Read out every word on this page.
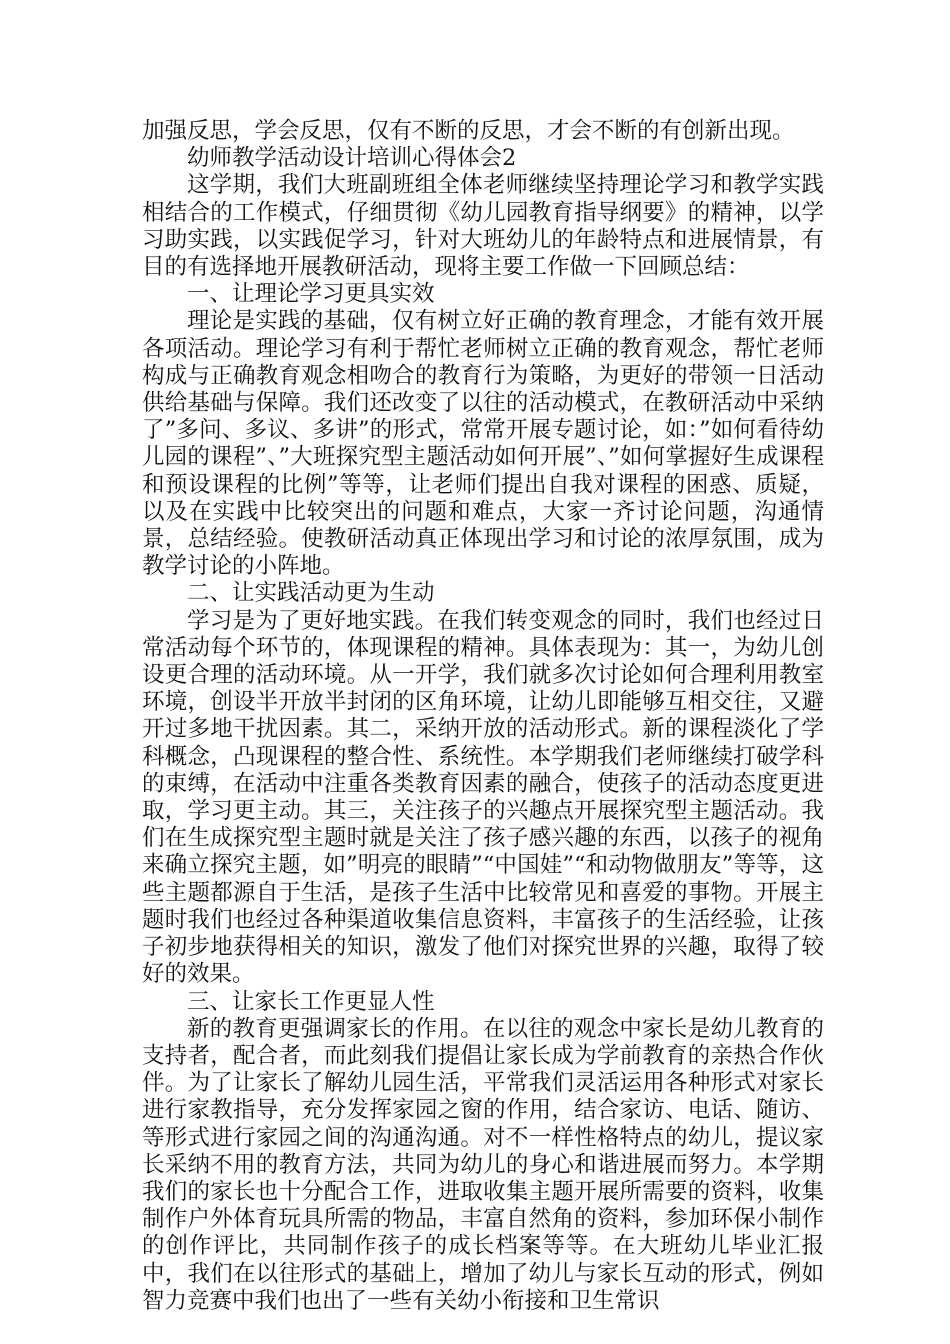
加强反思，学会反思，仅有不断的反思，才会不断的有创新出现。

幼师教学活动设计培训心得体会2

这学期，我们大班副班组全体老师继续坚持理论学习和教学实践相结合的工作模式，仔细贯彻《幼儿园教育指导纲要》的精神，以学习助实践，以实践促学习，针对大班幼儿的年龄特点和进展情景，有目的有选择地开展教研活动，现将主要工作做一下回顾总结：

一、让理论学习更具实效

理论是实践的基础，仅有树立好正确的教育理念，才能有效开展各项活动。理论学习有利于帮忙老师树立正确的教育观念，帮忙老师构成与正确教育观念相吻合的教育行为策略，为更好的带领一日活动供给基础与保障。我们还改变了以往的活动模式，在教研活动中采纳了”多问、多议、多讲”的形式，常常开展专题讨论，如：”如何看待幼儿园的课程”、”大班探究型主题活动如何开展”、”如何掌握好生成课程和预设课程的比例”等等，让老师们提出自我对课程的困惑、质疑，以及在实践中比较突出的问题和难点，大家一齐讨论问题，沟通情景，总结经验。使教研活动真正体现出学习和讨论的浓厚氛围，成为教学讨论的小阵地。

二、让实践活动更为生动

学习是为了更好地实践。在我们转变观念的同时，我们也经过日常活动每个环节的，体现课程的精神。具体表现为：其一，为幼儿创设更合理的活动环境。从一开学，我们就多次讨论如何合理利用教室环境，创设半开放半封闭的区角环境，让幼儿即能够互相交往，又避开过多地干扰因素。其二，采纳开放的活动形式。新的课程淡化了学科概念，凸现课程的整合性、系统性。本学期我们老师继续打破学科的束缚，在活动中注重各类教育因素的融合，使孩子的活动态度更进取，学习更主动。其三，关注孩子的兴趣点开展探究型主题活动。我们在生成探究型主题时就是关注了孩子感兴趣的东西，以孩子的视角来确立探究主题，如”明亮的眼睛”“中国娃”“和动物做朋友”等等，这些主题都源自于生活，是孩子生活中比较常见和喜爱的事物。开展主题时我们也经过各种渠道收集信息资料，丰富孩子的生活经验，让孩子初步地获得相关的知识，激发了他们对探究世界的兴趣，取得了较好的效果。

三、让家长工作更显人性

新的教育更强调家长的作用。在以往的观念中家长是幼儿教育的支持者，配合者，而此刻我们提倡让家长成为学前教育的亲热合作伙伴。为了让家长了解幼儿园生活，平常我们灵活运用各种形式对家长进行家教指导，充分发挥家园之窗的作用，结合家访、电话、随访、等形式进行家园之间的沟通沟通。对不一样性格特点的幼儿，提议家长采纳不用的教育方法，共同为幼儿的身心和谐进展而努力。本学期我们的家长也十分配合工作，进取收集主题开展所需要的资料，收集制作户外体育玩具所需的物品，丰富自然角的资料，参加环保小制作的创作评比，共同制作孩子的成长档案等等。在大班幼儿毕业汇报中，我们在以往形式的基础上，增加了幼儿与家长互动的形式，例如智力竞赛中我们也出了一些有关幼小衔接和卫生常识
